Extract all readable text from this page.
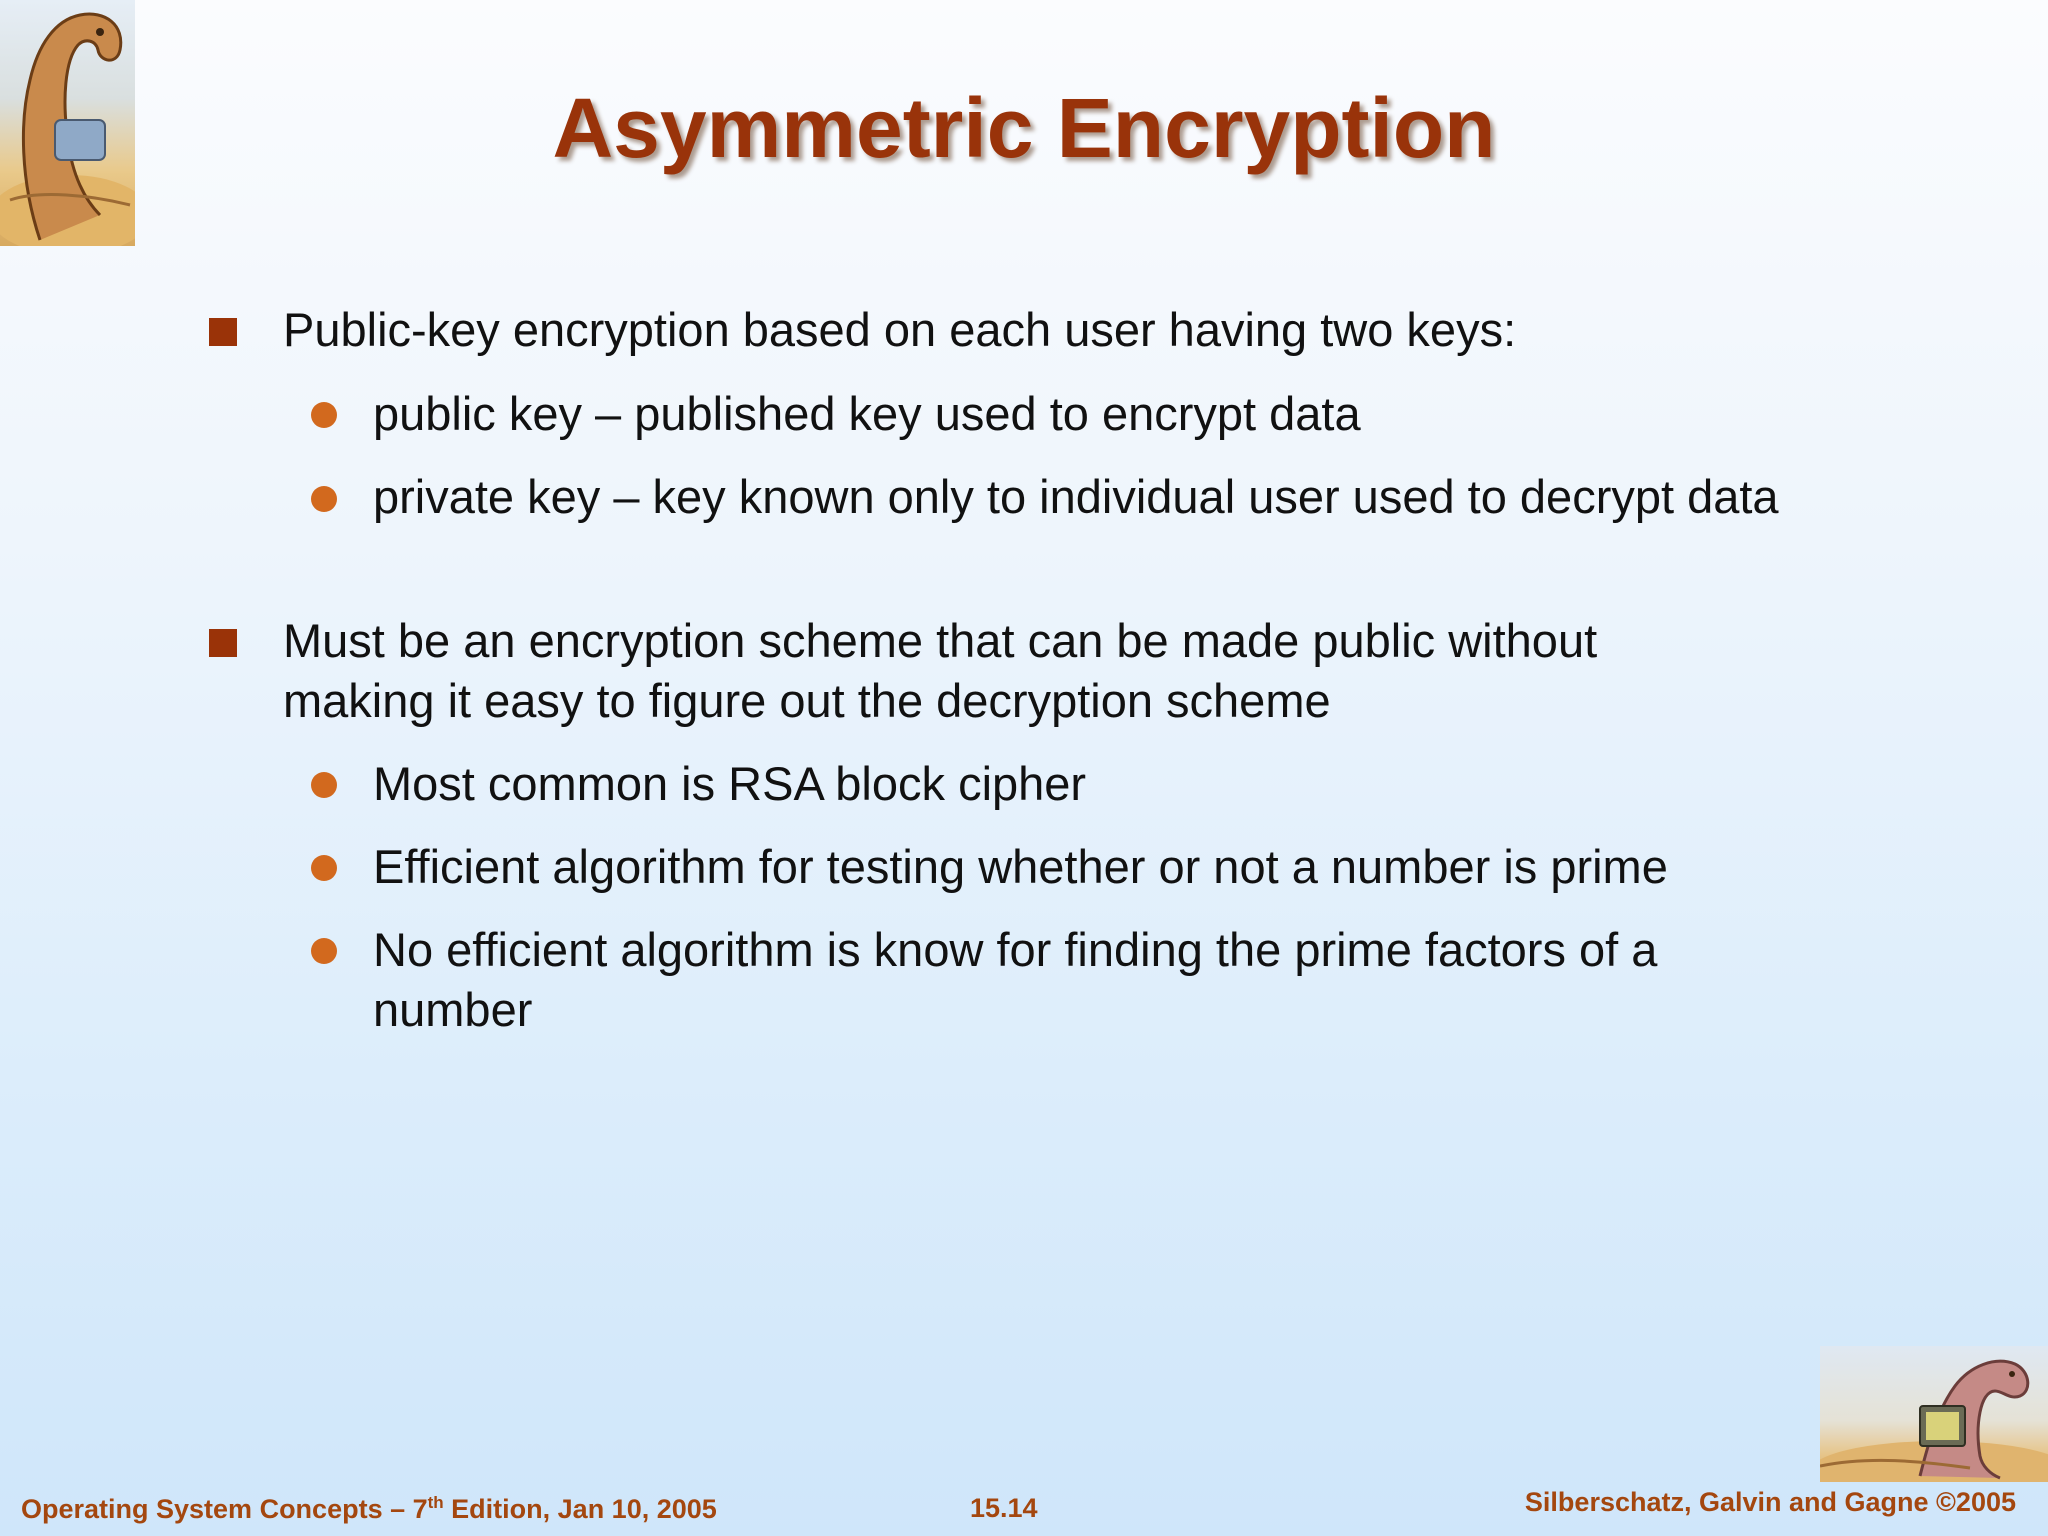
Asymmetric Encryption
Public-key encryption based on each user having two keys:
public key – published key used to encrypt data
private key – key known only to individual user used to decrypt data
Must be an encryption scheme that can be made public without making it easy to figure out the decryption scheme
Most common is RSA block cipher
Efficient algorithm for testing whether or not a number is prime
No efficient algorithm is know for finding the prime factors of a number
Operating System Concepts – 7th Edition, Jan 10, 2005	15.14	Silberschatz, Galvin and Gagne ©2005
